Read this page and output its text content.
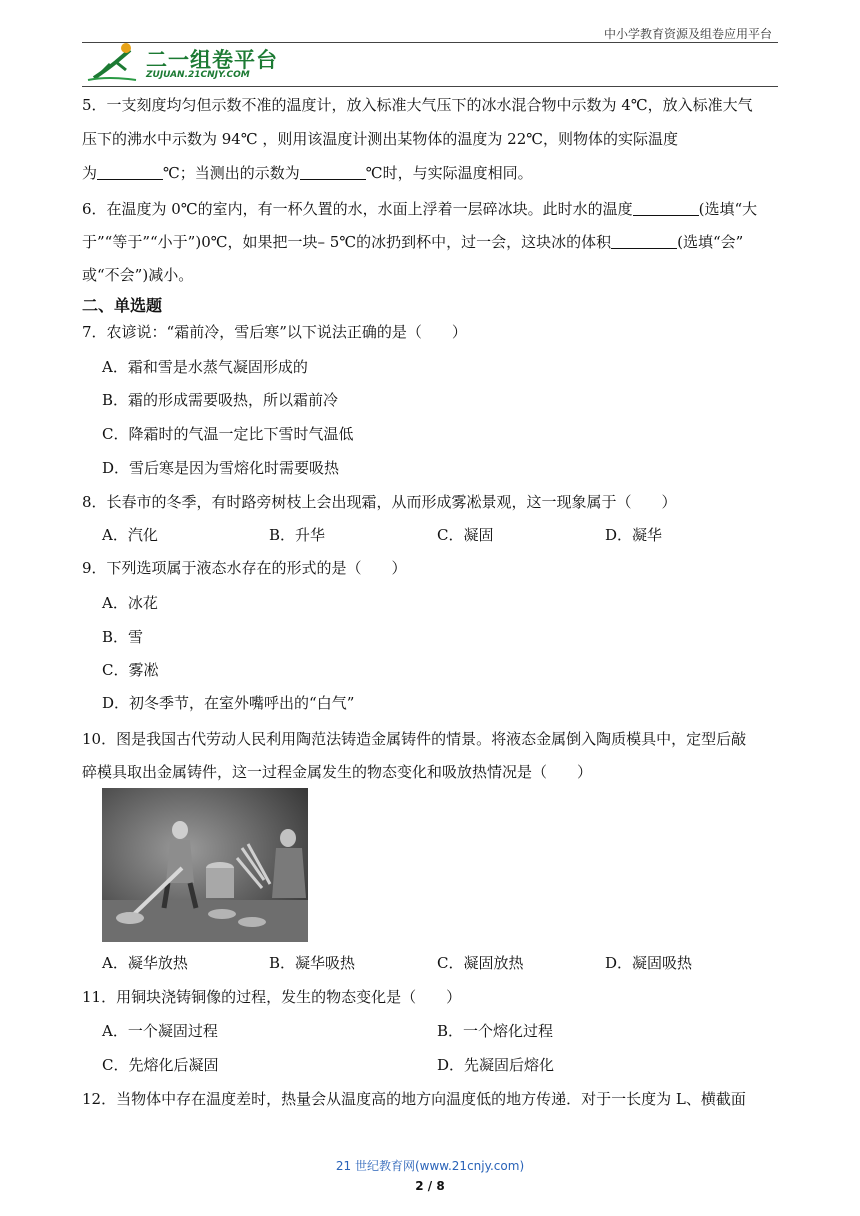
中小学教育资源及组卷应用平台
二一组卷平台
ZUJUAN.21CNJY.COM
5．一支刻度均匀但示数不准的温度计，放入标准大气压下的冰水混合物中示数为 4℃，放入标准大气
压下的沸水中示数为 94℃ ，则用该温度计测出某物体的温度为 22℃，则物体的实际温度
为	℃；当测出的示数为	℃时，与实际温度相同。
6．在温度为 0℃的室内，有一杯久置的水，水面上浮着一层碎冰块。此时水的温度	(选填“大
于”“等于”“小于”)0℃，如果把一块– 5℃的冰扔到杯中，过一会，这块冰的体积	(选填“会”
或“不会”)减小。
二、单选题
7．农谚说：“霜前冷，雪后寒”以下说法正确的是（　　）
A．霜和雪是水蒸气凝固形成的
B．霜的形成需要吸热，所以霜前冷
C．降霜时的气温一定比下雪时气温低
D．雪后寒是因为雪熔化时需要吸热
8．长春市的冬季，有时路旁树枝上会出现霜，从而形成雾凇景观，这一现象属于（　　）
A．汽化	B．升华	C．凝固	D．凝华
9．下列选项属于液态水存在的形式的是（　　）
A．冰花
B．雪
C．雾凇
D．初冬季节，在室外嘴呼出的“白气”
10．图是我国古代劳动人民利用陶范法铸造金属铸件的情景。将液态金属倒入陶质模具中，定型后敲
碎模具取出金属铸件，这一过程金属发生的物态变化和吸放热情况是（　　）
A．凝华放热	B．凝华吸热	C．凝固放热	D．凝固吸热
11．用铜块浇铸铜像的过程，发生的物态变化是（　　）
A．一个凝固过程	B．一个熔化过程
C．先熔化后凝固	D．先凝固后熔化
12．当物体中存在温度差时，热量会从温度高的地方向温度低的地方传递．对于一长度为 L、横截面
21 世纪教育网(www.21cnjy.com)
2 / 8
